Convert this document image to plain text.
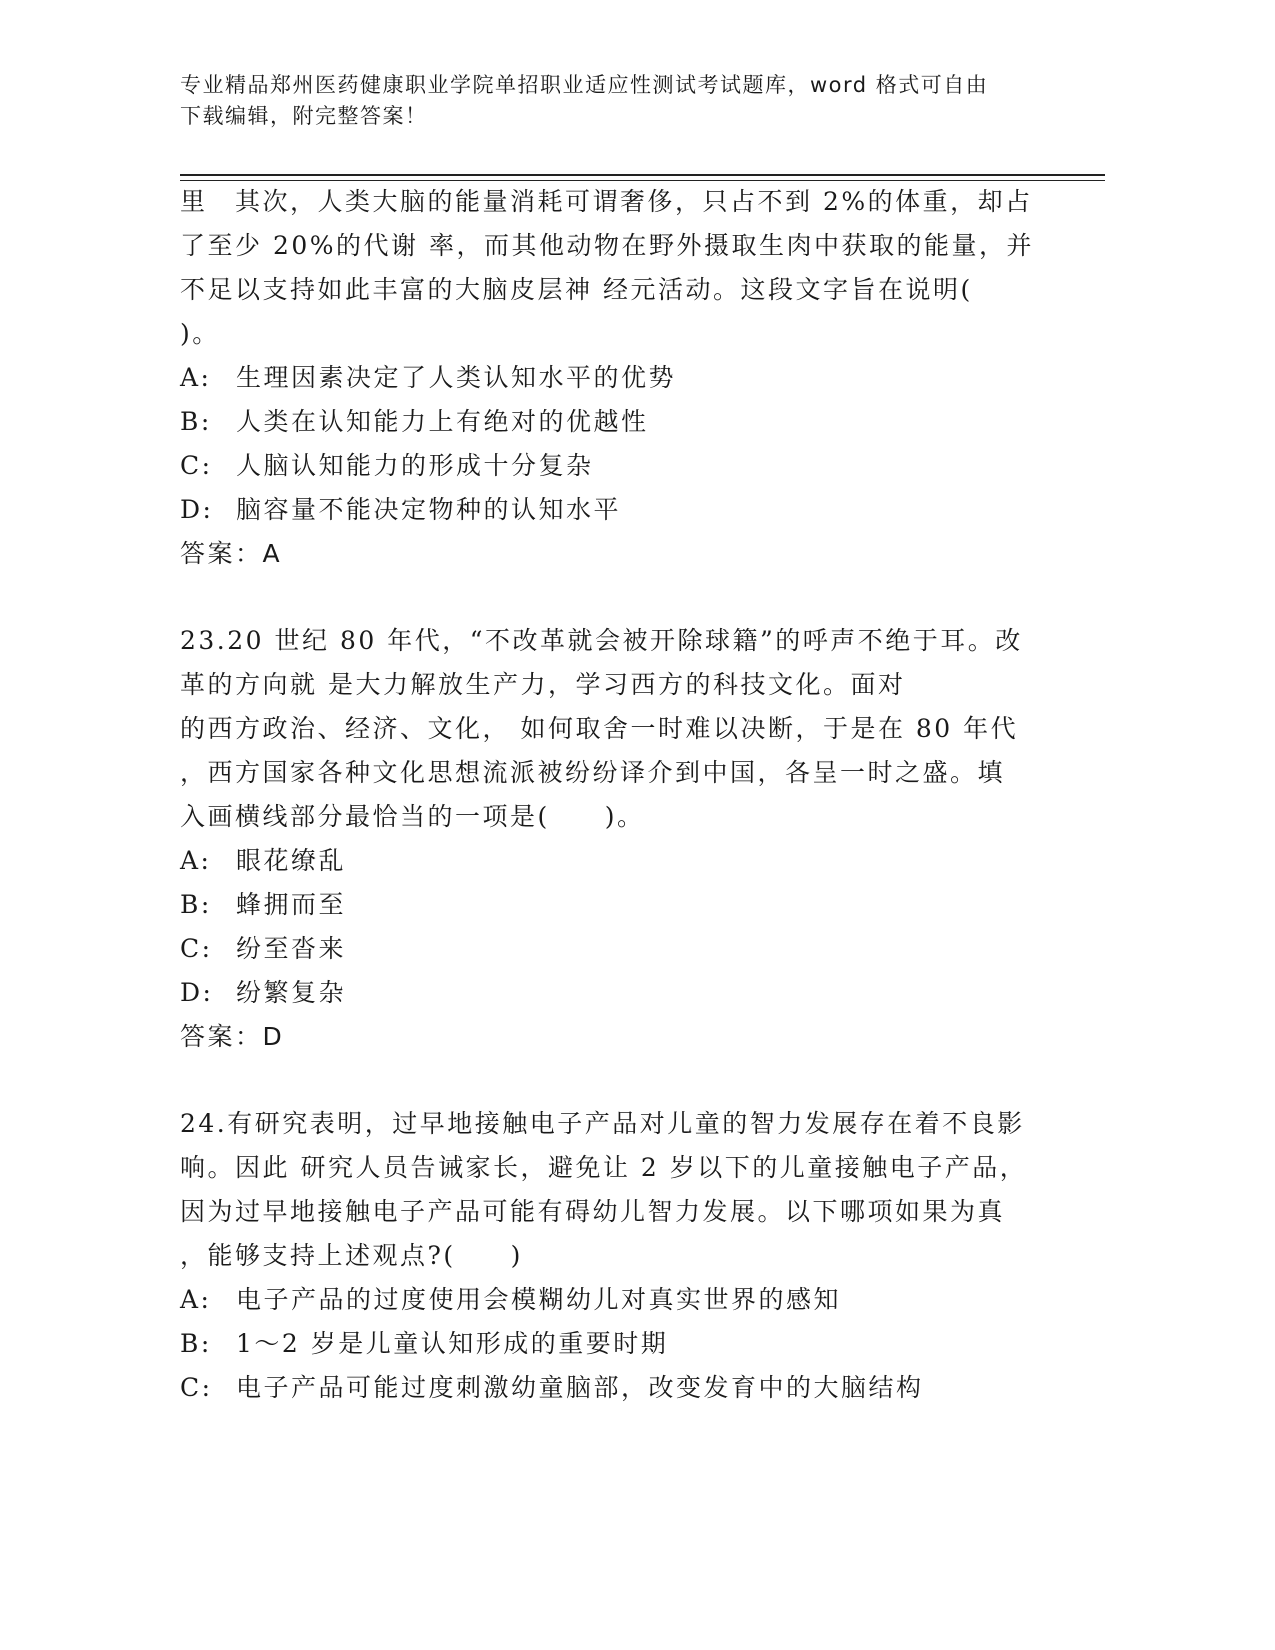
专业精品郑州医药健康职业学院单招职业适应性测试考试题库，word 格式可自由
下载编辑，附完整答案！
里　其次，人类大脑的能量消耗可谓奢侈，只占不到 2%的体重，却占
了至少 20%的代谢 率，而其他动物在野外摄取生肉中获取的能量，并
不足以支持如此丰富的大脑皮层神 经元活动。这段文字旨在说明(
)。
A: 生理因素决定了人类认知水平的优势
B: 人类在认知能力上有绝对的优越性
C: 人脑认知能力的形成十分复杂
D: 脑容量不能决定物种的认知水平
答案：A
23.20 世纪 80 年代，“不改革就会被开除球籍”的呼声不绝于耳。改
革的方向就 是大力解放生产力，学习西方的科技文化。面对
的西方政治、经济、文化， 如何取舍一时难以决断，于是在 80 年代
，西方国家各种文化思想流派被纷纷译介到中国，各呈一时之盛。填
入画横线部分最恰当的一项是(　　)。
A: 眼花缭乱
B: 蜂拥而至
C: 纷至沓来
D: 纷繁复杂
答案：D
24.有研究表明，过早地接触电子产品对儿童的智力发展存在着不良影
响。因此 研究人员告诫家长，避免让 2 岁以下的儿童接触电子产品，
因为过早地接触电子产品可能有碍幼儿智力发展。以下哪项如果为真
，能够支持上述观点?(　　)
A: 电子产品的过度使用会模糊幼儿对真实世界的感知
B: 1～2 岁是儿童认知形成的重要时期
C: 电子产品可能过度刺激幼童脑部，改变发育中的大脑结构
